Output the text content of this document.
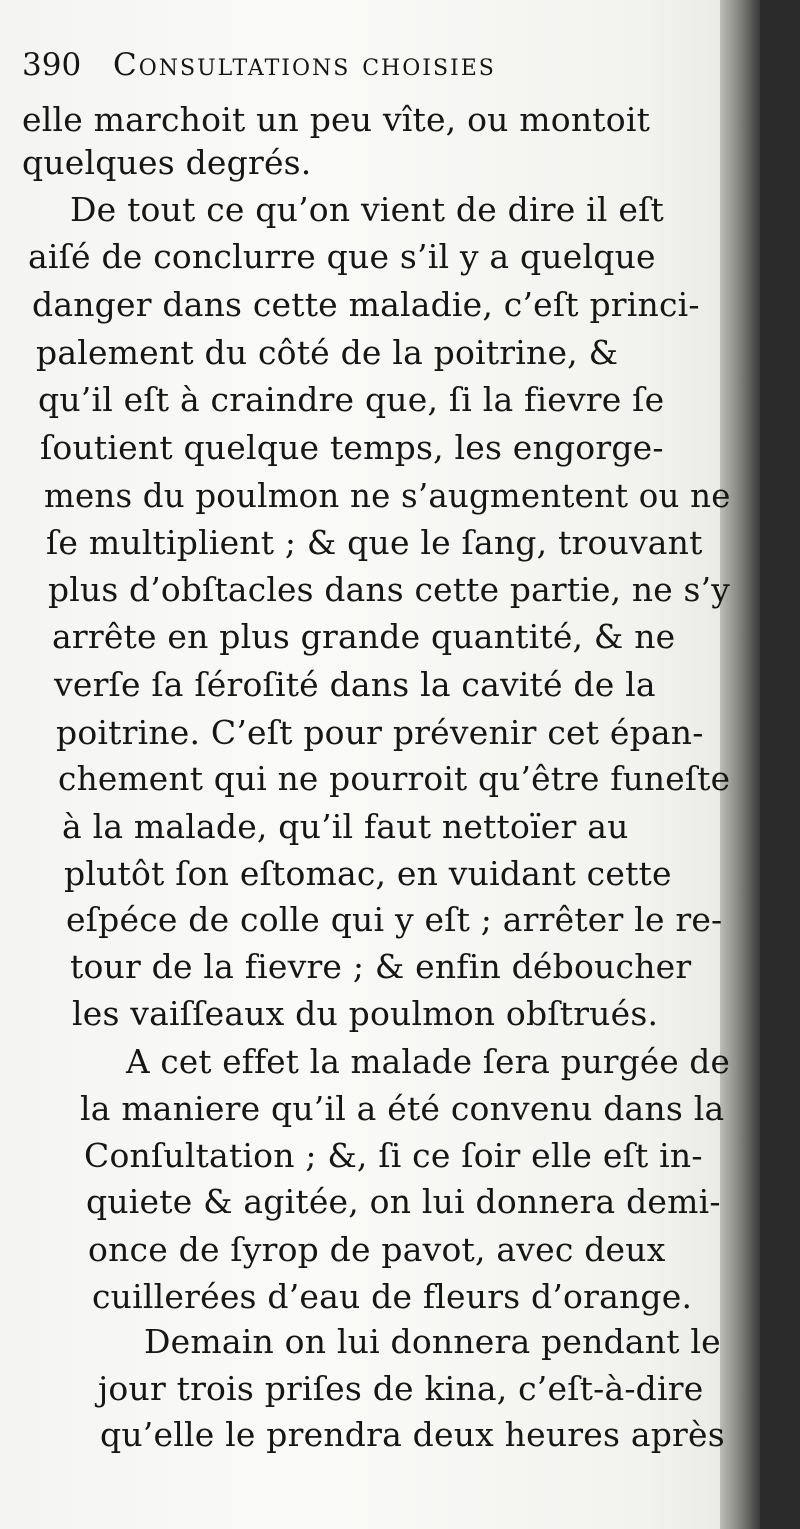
390 Consultations choisies
elle marchoit un peu vîte, ou montoit
quelques degrés.
De tout ce qu’on vient de dire il eſt
aiſé de conclurre que s’il y a quelque
danger dans cette maladie, c’eſt princi-
palement du côté de la poitrine, &
qu’il eſt à craindre que, ſi la fievre ſe
ſoutient quelque temps, les engorge-
mens du poulmon ne s’augmentent ou ne
ſe multiplient ; & que le ſang, trouvant
plus d’obſtacles dans cette partie, ne s’y
arrête en plus grande quantité, & ne
verſe ſa ſéroſité dans la cavité de la
poitrine. C’eſt pour prévenir cet épan-
chement qui ne pourroit qu’être funeſte
à la malade, qu’il faut nettoïer au
plutôt ſon eſtomac, en vuidant cette
eſpéce de colle qui y eſt ; arrêter le re-
tour de la fievre ; & enfin déboucher
les vaiſſeaux du poulmon obſtrués.
A cet effet la malade ſera purgée de
la maniere qu’il a été convenu dans la
Conſultation ; &, ſi ce ſoir elle eſt in-
quiete & agitée, on lui donnera demi-
once de ſyrop de pavot, avec deux
cuillerées d’eau de fleurs d’orange.
Demain on lui donnera pendant le
jour trois priſes de kina, c’eſt-à-dire
qu’elle le prendra deux heures après
